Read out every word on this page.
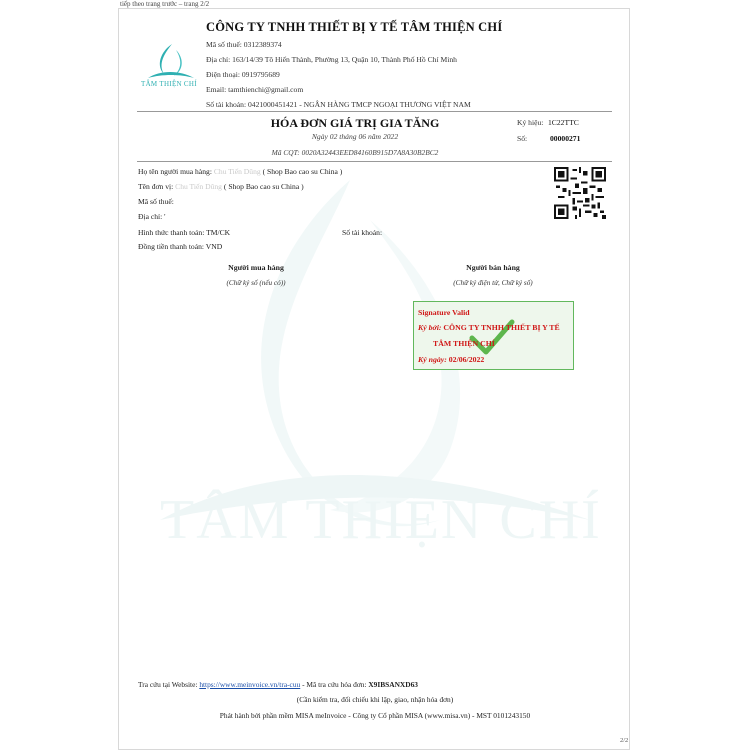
tiếp theo trang trước – trang 2/2
TÂM THIỆN CHÍ
TÂM THIỆN CHÍ
CÔNG TY TNHH THIẾT BỊ Y TẾ TÂM THIỆN CHÍ
Mã số thuế: 0312389374
Địa chỉ: 163/14/39 Tô Hiến Thành, Phường 13, Quận 10, Thành Phố Hồ Chí Minh
Điện thoại: 0919795689
Email: tamthienchi@gmail.com
Số tài khoản: 0421000451421 - NGÂN HÀNG TMCP NGOẠI THƯƠNG VIỆT NAM
HÓA ĐƠN GIÁ TRỊ GIA TĂNG
Ngày 02 tháng 06 năm 2022
Mã CQT: 0020A32443EED84160B915D7A8A30B2BC2
Ký hiệu: 1C22TTC
Số:	00000271
Họ tên người mua hàng: Chu Tiến Dũng ( Shop Bao cao su China )
Tên đơn vị: Chu Tiến Dũng ( Shop Bao cao su China )
Mã số thuế:
Địa chỉ: '
Hình thức thanh toán: TM/CK	Số tài khoản:
Đồng tiền thanh toán: VND
Người mua hàng
(Chữ ký số (nếu có))
Người bán hàng
(Chữ ký điện tử, Chữ ký số)
Signature Valid
Ký bởi: CÔNG TY TNHH THIẾT BỊ Y TẾ
TÂM THIỆN CHÍ
Ký ngày: 02/06/2022
Tra cứu tại Website: https://www.meinvoice.vn/tra-cuu - Mã tra cứu hóa đơn: X9IBSANXD63
(Cần kiểm tra, đối chiếu khi lập, giao, nhận hóa đơn)
Phát hành bởi phần mềm MISA meInvoice - Công ty Cổ phần MISA (www.misa.vn) - MST 0101243150
2/2
